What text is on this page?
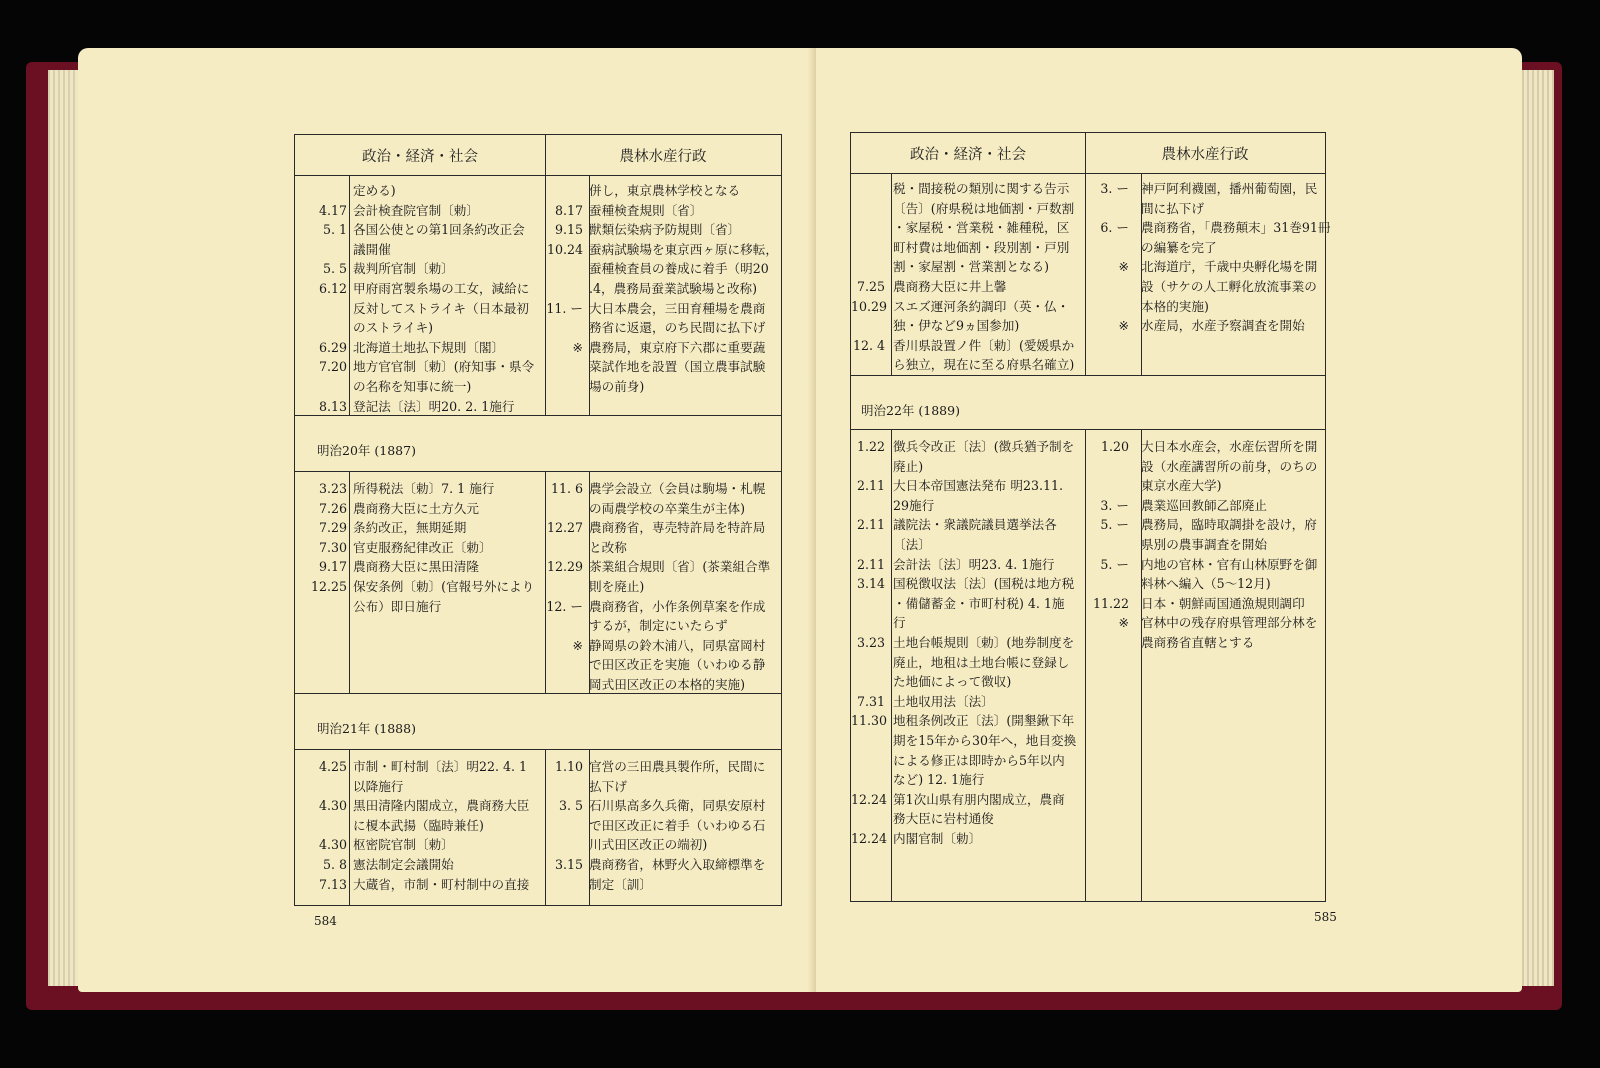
政治・経済・社会	農林水産行政
定める)
4.17 会計検査院官制〔勅〕
5. 1 各国公使との第1回条約改正会
議開催
5. 5 裁判所官制〔勅〕
6.12 甲府雨宮製糸場の工女，減給に
反対してストライキ（日本最初
のストライキ)
6.29 北海道土地払下規則〔閣〕
7.20 地方官官制〔勅〕(府知事・県令
の名称を知事に統一)
8.13 登記法〔法〕明20. 2. 1施行
併し，東京農林学校となる
8.17 蚕種検査規則〔省〕
9.15 獣類伝染病予防規則〔省〕
10.24 蚕病試験場を東京西ヶ原に移転，
蚕種検査員の養成に着手（明20
.4，農務局蚕業試験場と改称)
11. ー 大日本農会，三田育種場を農商
務省に返還，のち民間に払下げ
※ 農務局，東京府下六郡に重要蔬
菜試作地を設置（国立農事試験
場の前身)
明治20年 (1887)
3.23 所得税法〔勅〕7. 1 施行
7.26 農商務大臣に土方久元
7.29 条約改正，無期延期
7.30 官吏服務紀律改正〔勅〕
9.17 農商務大臣に黒田清隆
12.25 保安条例〔勅〕(官報号外により
公布）即日施行
11. 6 農学会設立（会員は駒場・札幌
の両農学校の卒業生が主体)
12.27 農商務省，専売特許局を特許局
と改称
12.29 茶業組合規則〔省〕(茶業組合準
則を廃止)
12. ー 農商務省，小作条例草案を作成
するが，制定にいたらず
※ 静岡県の鈴木浦八，同県富岡村
で田区改正を実施（いわゆる静
岡式田区改正の本格的実施)
明治21年 (1888)
4.25 市制・町村制〔法〕明22. 4. 1
以降施行
4.30 黒田清隆内閣成立，農商務大臣
に榎本武揚（臨時兼任)
4.30 枢密院官制〔勅〕
5. 8 憲法制定会議開始
7.13 大蔵省，市制・町村制中の直接
1.10 官営の三田農具製作所，民間に
払下げ
3. 5 石川県高多久兵衛，同県安原村
で田区改正に着手（いわゆる石
川式田区改正の端初)
3.15 農商務省，林野火入取締標準を
制定〔訓〕
584
政治・経済・社会	農林水産行政
税・間接税の類別に関する告示
〔告〕(府県税は地価割・戸数割
・家屋税・営業税・雑種税，区
町村費は地価割・段別割・戸別
割・家屋割・営業割となる)
7.25 農商務大臣に井上馨
10.29 スエズ運河条約調印（英・仏・
独・伊など9ヵ国参加)
12. 4 香川県設置ノ件〔勅〕(愛媛県か
ら独立，現在に至る府県名確立)
3. ー 神戸阿利襪園，播州葡萄園，民
間に払下げ
6. ー 農商務省，「農務顛末」31巻91冊
の編纂を完了
※ 北海道庁，千歳中央孵化場を開
設（サケの人工孵化放流事業の
本格的実施)
※ 水産局，水産予察調査を開始
明治22年 (1889)
1.22 徴兵令改正〔法〕(徴兵猶予制を
廃止)
2.11 大日本帝国憲法発布 明23.11.
29施行
2.11 議院法・衆議院議員選挙法各
〔法〕
2.11 会計法〔法〕明23. 4. 1施行
3.14 国税徴収法〔法〕(国税は地方税
・備儲蓄金・市町村税) 4. 1施
行
3.23 土地台帳規則〔勅〕(地券制度を
廃止，地租は土地台帳に登録し
た地価によって徴収)
7.31 土地収用法〔法〕
11.30 地租条例改正〔法〕(開墾鍬下年
期を15年から30年へ，地目変換
による修正は即時から5年以内
など) 12. 1施行
12.24 第1次山県有朋内閣成立，農商
務大臣に岩村通俊
12.24 内閣官制〔勅〕
1.20 大日本水産会，水産伝習所を開
設（水産講習所の前身，のちの
東京水産大学)
3. ー 農業巡回教師乙部廃止
5. ー 農務局，臨時取調掛を設け，府
県別の農事調査を開始
5. ー 内地の官林・官有山林原野を御
料林へ編入（5〜12月)
11.22 日本・朝鮮両国通漁規則調印
※ 官林中の残存府県管理部分林を
農商務省直轄とする
585
